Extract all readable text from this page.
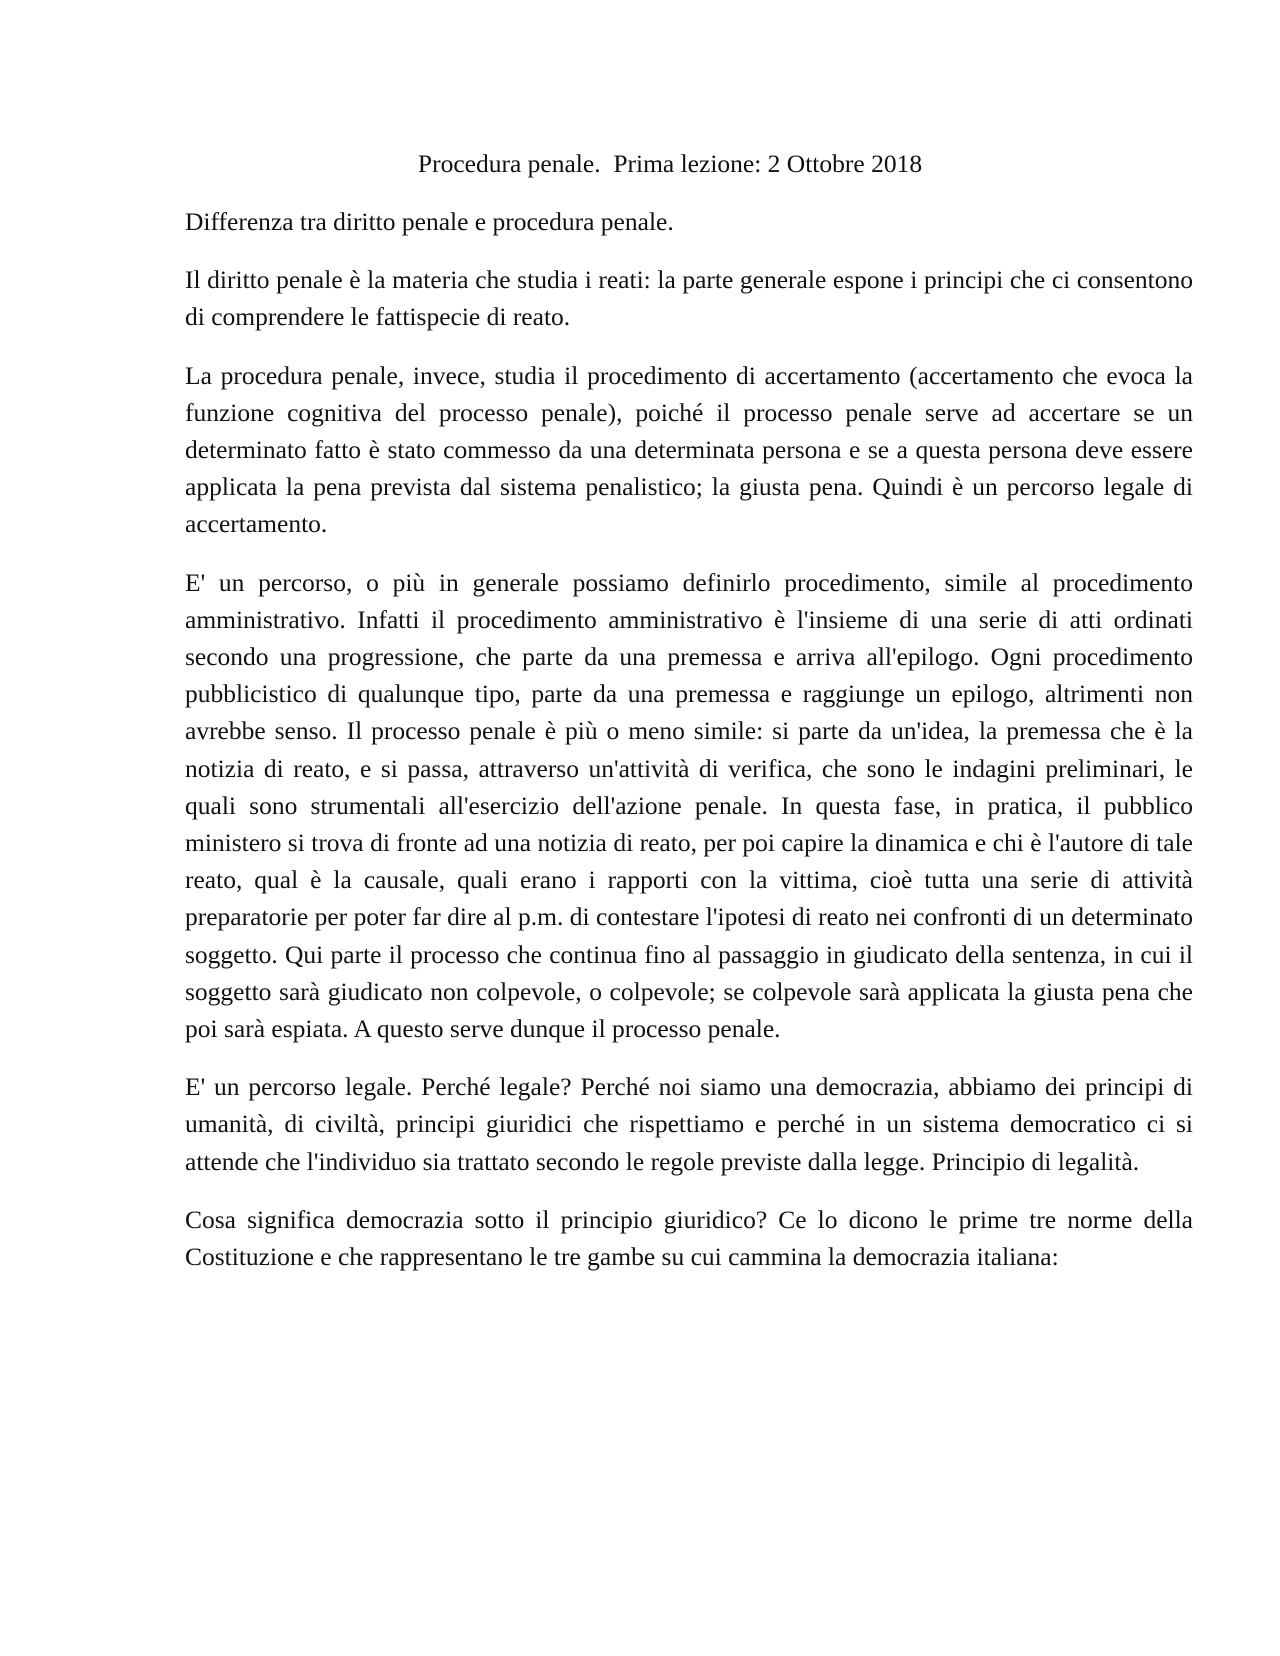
Procedura penale.  Prima lezione: 2 Ottobre 2018

Differenza tra diritto penale e procedura penale.

Il diritto penale è la materia che studia i reati: la parte generale espone i principi che ci consentono di comprendere le fattispecie di reato.

La procedura penale, invece, studia il procedimento di accertamento (accertamento che evoca la funzione cognitiva del processo penale), poiché il processo penale serve ad accertare se un determinato fatto è stato commesso da una determinata persona e se a questa persona deve essere applicata la pena prevista dal sistema penalistico; la giusta pena. Quindi è un percorso legale di accertamento.

E' un percorso, o più in generale possiamo definirlo procedimento, simile al procedimento amministrativo. Infatti il procedimento amministrativo è l'insieme di una serie di atti ordinati secondo una progressione, che parte da una premessa e arriva all'epilogo. Ogni procedimento pubblicistico di qualunque tipo, parte da una premessa e raggiunge un epilogo, altrimenti non avrebbe senso. Il processo penale è più o meno simile: si parte da un'idea, la premessa che è la notizia di reato, e si passa, attraverso un'attività di verifica, che sono le indagini preliminari, le quali sono strumentali all'esercizio dell'azione penale. In questa fase, in pratica, il pubblico ministero si trova di fronte ad una notizia di reato, per poi capire la dinamica e chi è l'autore di tale reato, qual è la causale, quali erano i rapporti con la vittima, cioè tutta una serie di attività preparatorie per poter far dire al p.m. di contestare l'ipotesi di reato nei confronti di un determinato soggetto. Qui parte il processo che continua fino al passaggio in giudicato della sentenza, in cui il soggetto sarà giudicato non colpevole, o colpevole; se colpevole sarà applicata la giusta pena che poi sarà espiata. A questo serve dunque il processo penale.

E' un percorso legale. Perché legale? Perché noi siamo una democrazia, abbiamo dei principi di umanità, di civiltà, principi giuridici che rispettiamo e perché in un sistema democratico ci si attende che l'individuo sia trattato secondo le regole previste dalla legge. Principio di legalità.

Cosa significa democrazia sotto il principio giuridico? Ce lo dicono le prime tre norme della Costituzione e che rappresentano le tre gambe su cui cammina la democrazia italiana:
